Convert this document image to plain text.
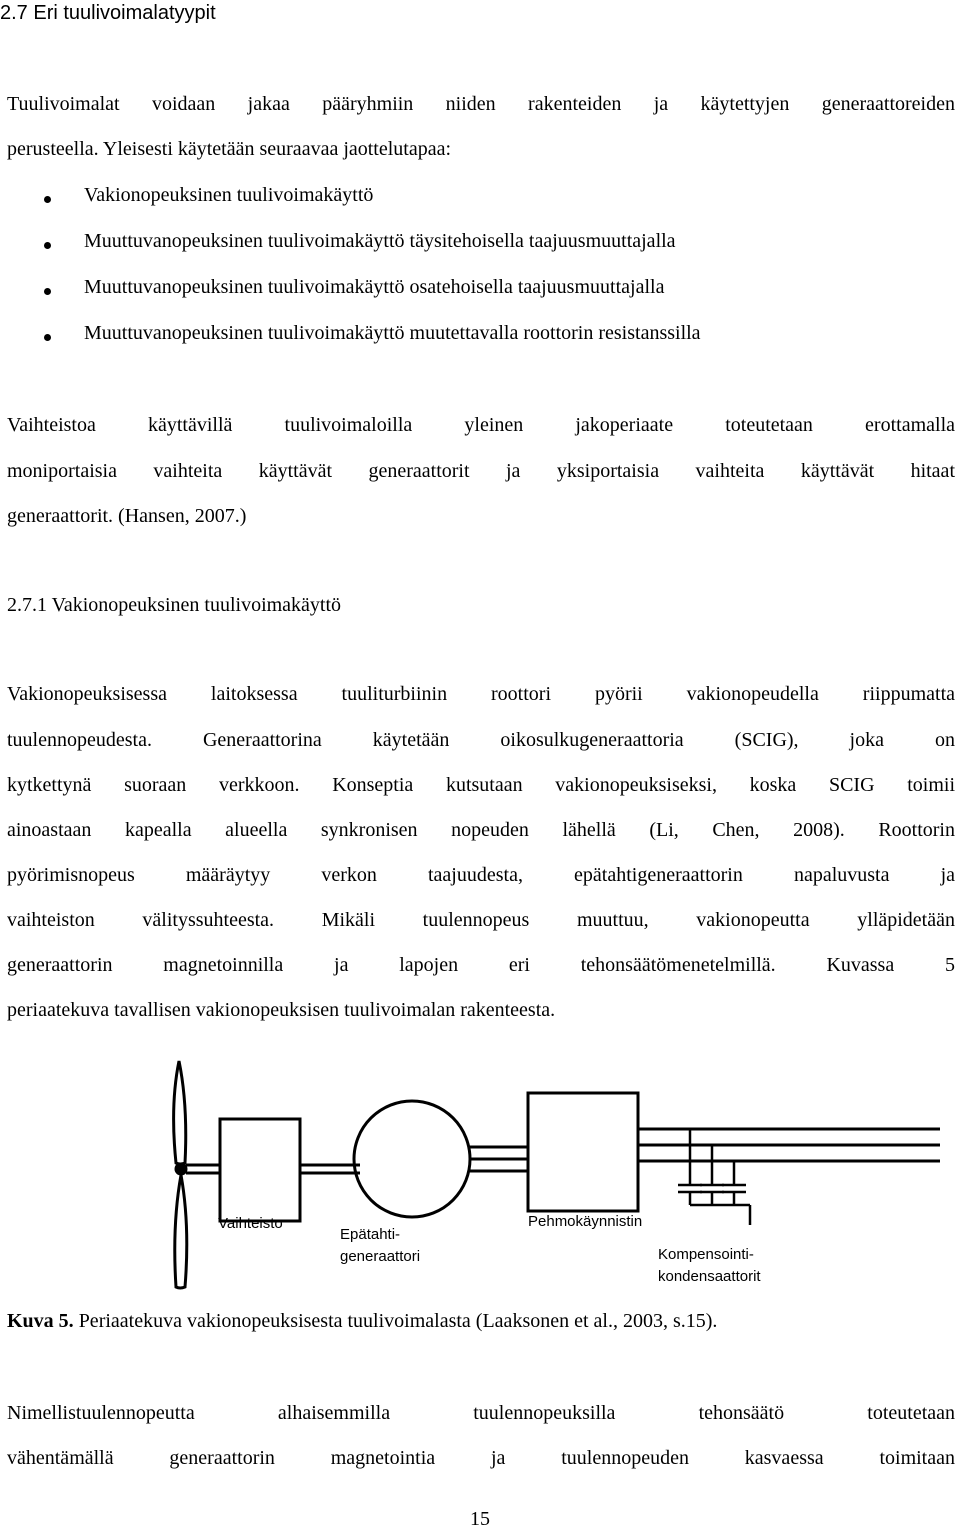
2.7 Eri tuulivoimalatyypit
Tuulivoimalat voidaan jakaa pääryhmiin niiden rakenteiden ja käytettyjen generaattoreiden
perusteella. Yleisesti käytetään seuraavaa jaottelutapaa:
Vakionopeuksinen tuulivoimakäyttö
Muuttuvanopeuksinen tuulivoimakäyttö täysitehoisella taajuusmuuttajalla
Muuttuvanopeuksinen tuulivoimakäyttö osatehoisella taajuusmuuttajalla
Muuttuvanopeuksinen tuulivoimakäyttö muutettavalla roottorin resistanssilla
Vaihteistoa käyttävillä tuulivoimaloilla yleinen jakoperiaate toteutetaan erottamalla
moniportaisia vaihteita käyttävät generaattorit ja yksiportaisia vaihteita käyttävät hitaat
generaattorit. (Hansen, 2007.)
2.7.1 Vakionopeuksinen tuulivoimakäyttö
Vakionopeuksisessa laitoksessa tuuliturbiinin roottori pyörii vakionopeudella riippumatta
tuulennopeudesta. Generaattorina käytetään oikosulkugeneraattoria (SCIG), joka on
kytkettynä suoraan verkkoon. Konseptia kutsutaan vakionopeuksiseksi, koska SCIG toimii
ainoastaan kapealla alueella synkronisen nopeuden lähellä (Li, Chen, 2008). Roottorin
pyörimisnopeus määräytyy verkon taajuudesta, epätahtigeneraattorin napaluvusta ja
vaihteiston välityssuhteesta. Mikäli tuulennopeus muuttuu, vakionopeutta ylläpidetään
generaattorin magnetoinnilla ja lapojen eri tehonsäätömenetelmillä. Kuvassa 5
periaatekuva tavallisen vakionopeuksisen tuulivoimalan rakenteesta.
Vaihteisto
Epätahti-
generaattori
Pehmokäynnistin
Kompensointi-
kondensaattorit
Kuva 5. Periaatekuva vakionopeuksisesta tuulivoimalasta (Laaksonen et al., 2003, s.15).
Nimellistuulennopeutta alhaisemmilla tuulennopeuksilla tehonsäätö toteutetaan
vähentämällä generaattorin magnetointia ja tuulennopeuden kasvaessa toimitaan
15
